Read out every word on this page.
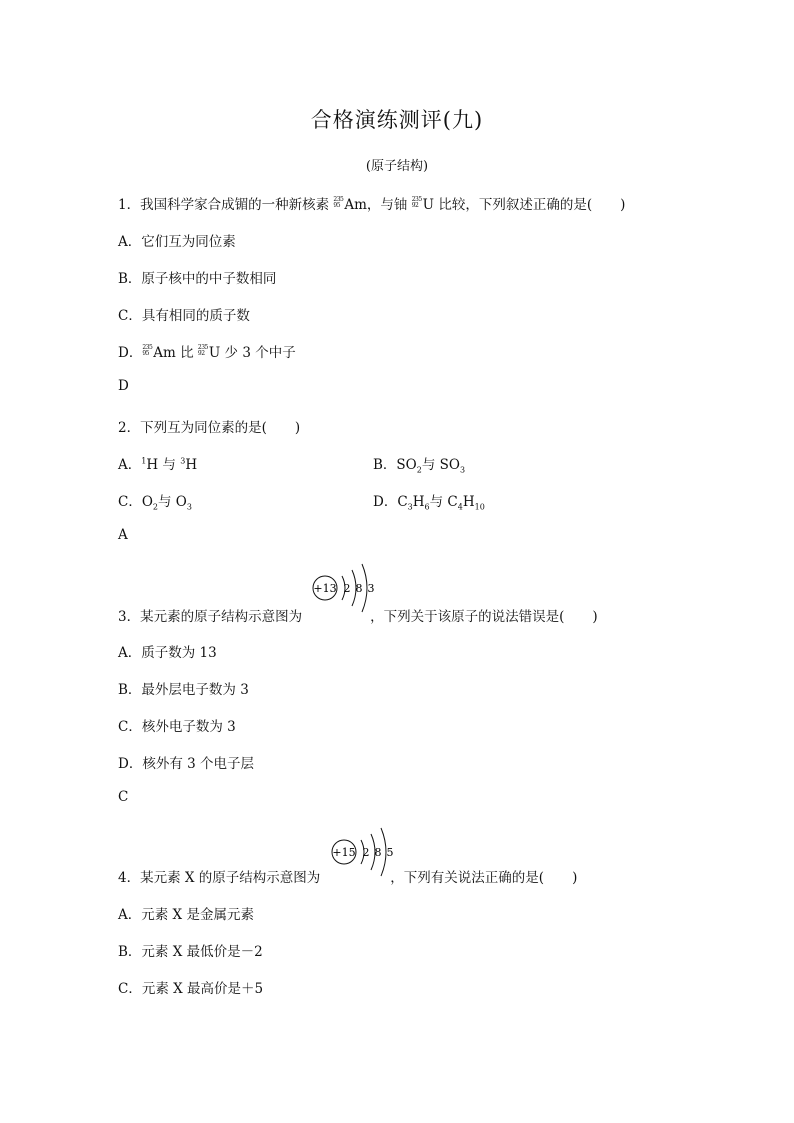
合格演练测评(九)
(原子结构)
1．我国科学家合成镅的一种新核素 235
95 Am，与铀 235
92 U 比较，下列叙述正确的是( )
A．它们互为同位素
B．原子核中的中子数相同
C．具有相同的质子数
D．235
95 Am 比 235
92 U 少 3 个中子
D
2．下列互为同位素的是( )
A．$^1$H 与 $^3$H	B．$SO_2$与 $SO_3$
C．$O_2$与 $O_3$	D．$C_3H_6$与 $C_4H_{10}$
A
3．某元素的原子结构示意图为	，下列关于该原子的说法错误是( )
+13 2 8 3
A．质子数为 13
B．最外层电子数为 3
C．核外电子数为 3
D．核外有 3 个电子层
C
4．某元素 X 的原子结构示意图为	，下列有关说法正确的是( )
+15 2 8 5
A．元素 X 是金属元素
B．元素 X 最低价是－2
C．元素 X 最高价是＋5
